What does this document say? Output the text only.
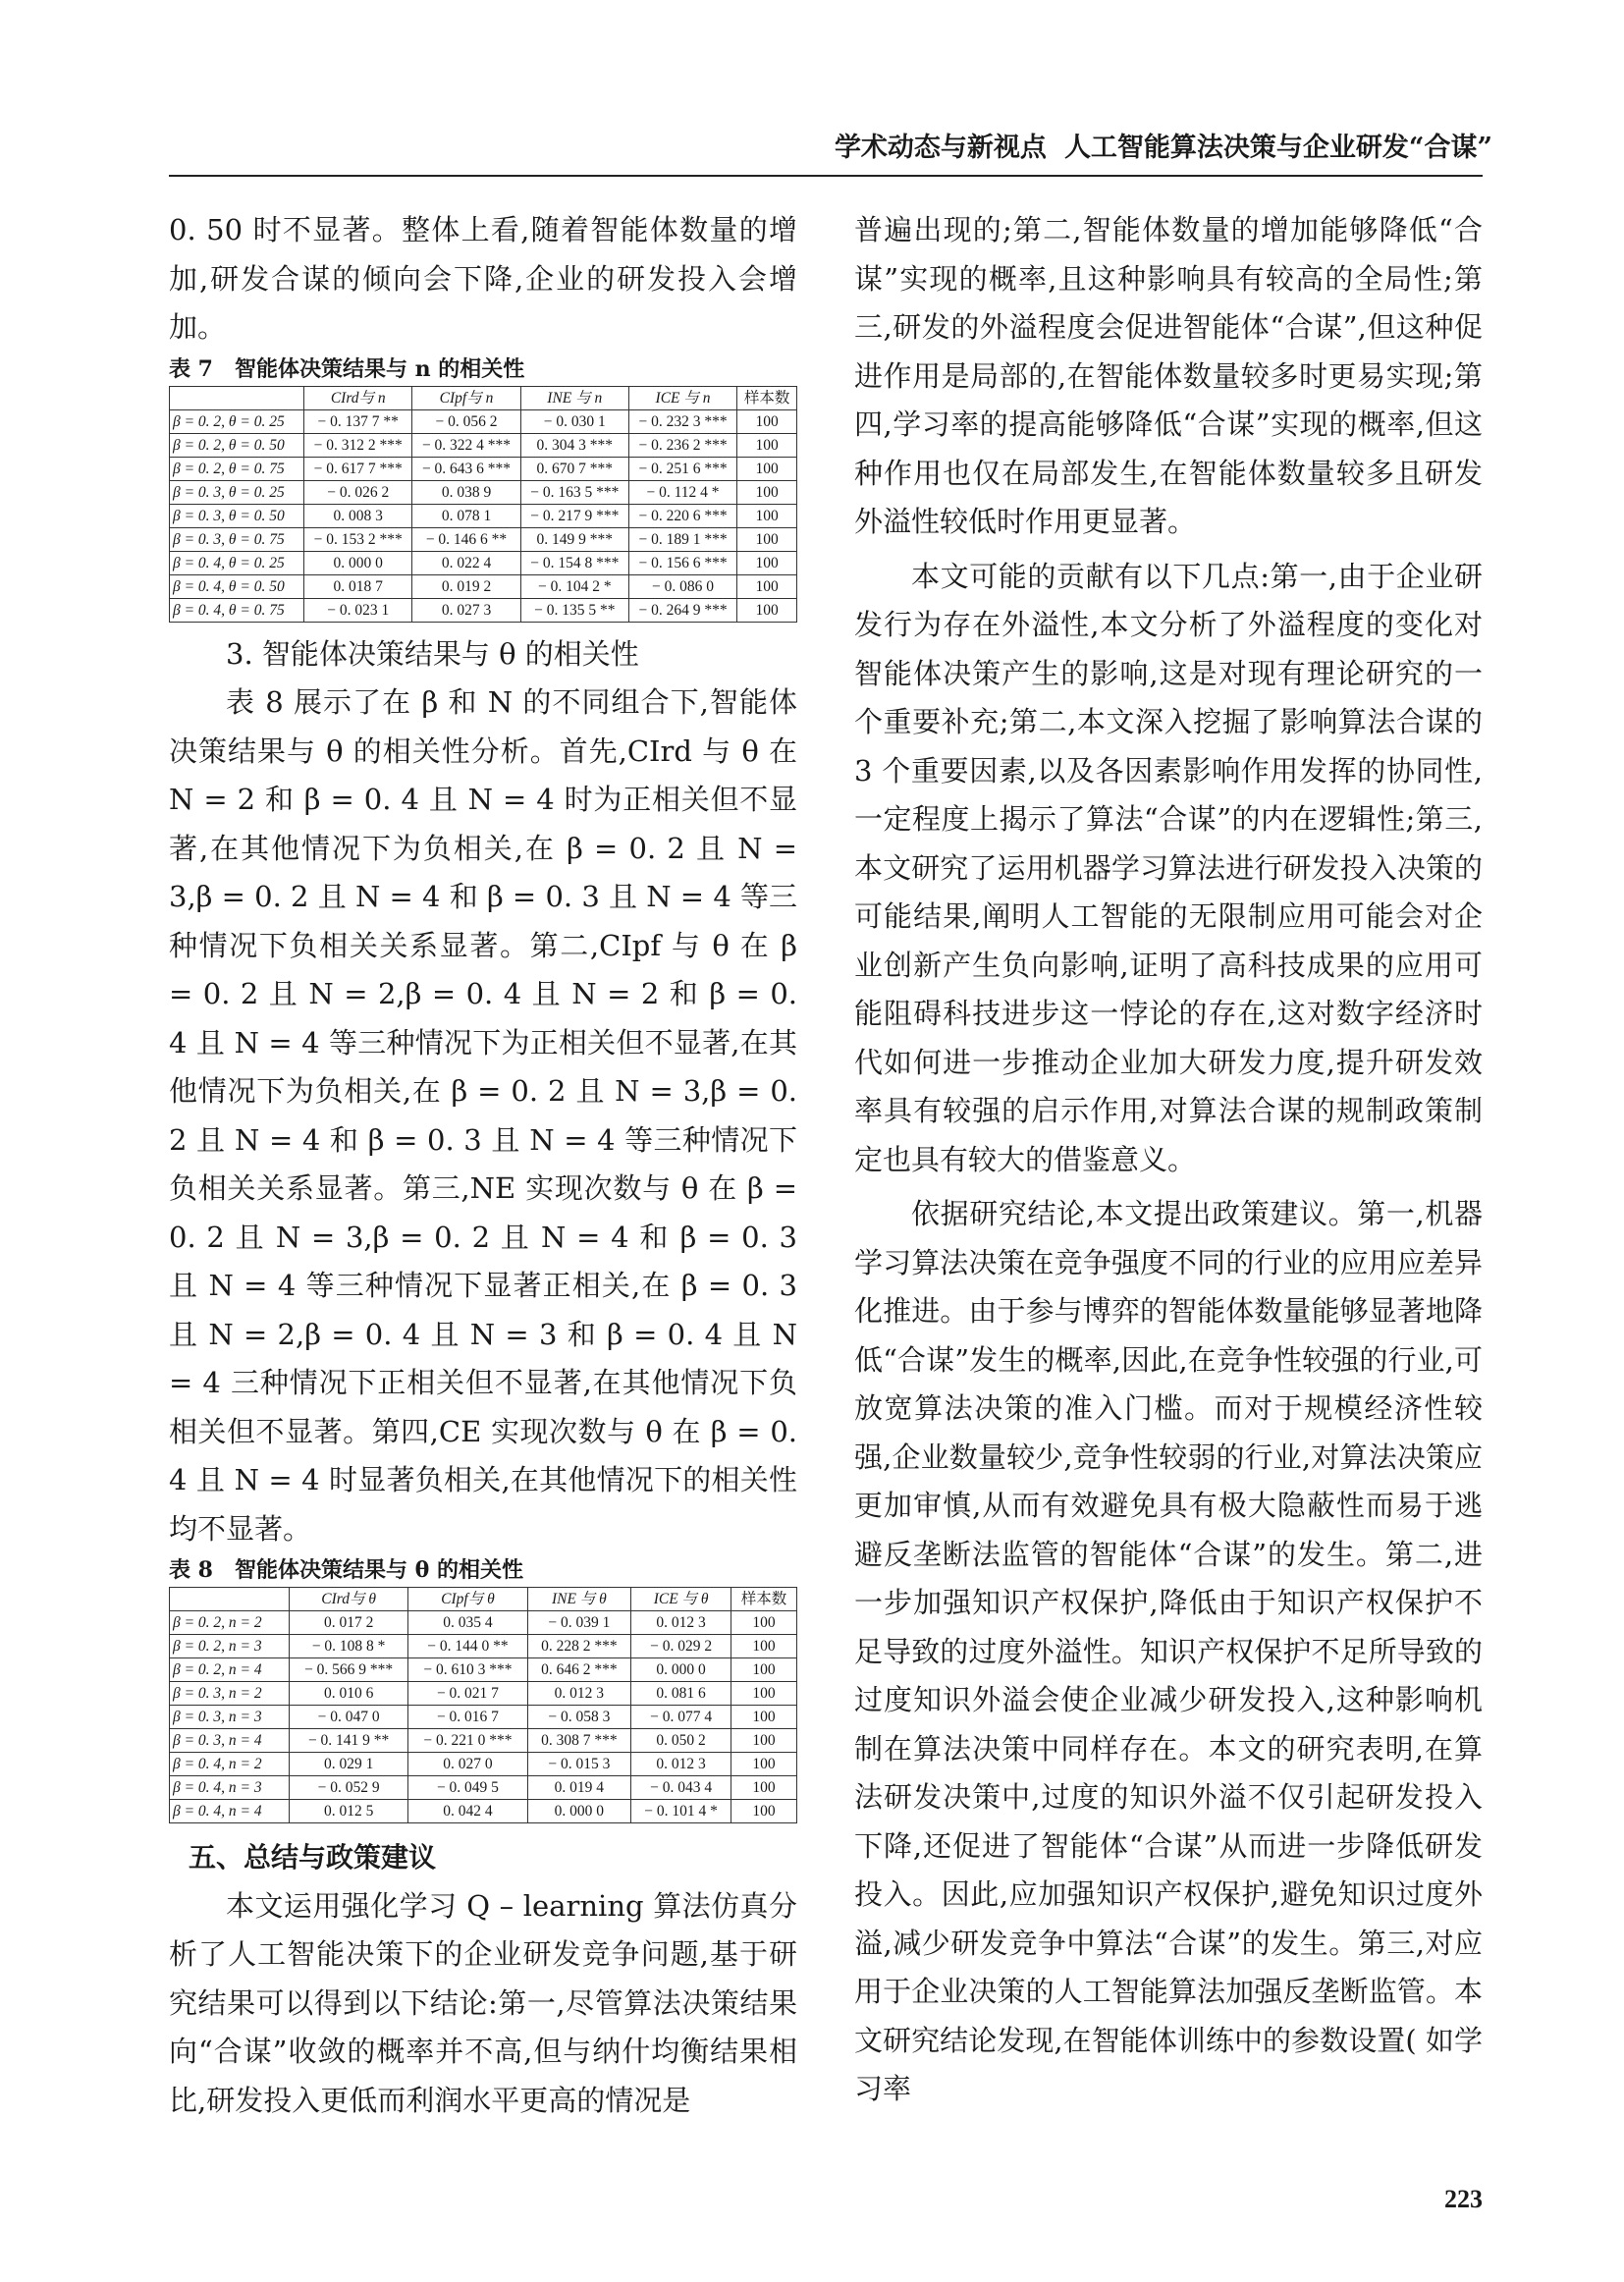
学术动态与新视点 人工智能算法决策与企业研发“合谋”

0. 50 时不显著。整体上看,随着智能体数量的增加,研发合谋的倾向会下降,企业的研发投入会增加。

表 7　智能体决策结果与 n 的相关性

	CIrd与 n	CIpf与 n	INE 与 n	ICE 与 n	样本数
β = 0. 2, θ = 0. 25	− 0. 137 7 **	− 0. 056 2	− 0. 030 1	− 0. 232 3 ***	100
β = 0. 2, θ = 0. 50	− 0. 312 2 ***	− 0. 322 4 ***	0. 304 3 ***	− 0. 236 2 ***	100
β = 0. 2, θ = 0. 75	− 0. 617 7 ***	− 0. 643 6 ***	0. 670 7 ***	− 0. 251 6 ***	100
β = 0. 3, θ = 0. 25	− 0. 026 2	0. 038 9	− 0. 163 5 ***	− 0. 112 4 *	100
β = 0. 3, θ = 0. 50	0. 008 3	0. 078 1	− 0. 217 9 ***	− 0. 220 6 ***	100
β = 0. 3, θ = 0. 75	− 0. 153 2 ***	− 0. 146 6 **	0. 149 9 ***	− 0. 189 1 ***	100
β = 0. 4, θ = 0. 25	0. 000 0	0. 022 4	− 0. 154 8 ***	− 0. 156 6 ***	100
β = 0. 4, θ = 0. 50	0. 018 7	0. 019 2	− 0. 104 2 *	− 0. 086 0	100
β = 0. 4, θ = 0. 75	− 0. 023 1	0. 027 3	− 0. 135 5 **	− 0. 264 9 ***	100

3. 智能体决策结果与 θ 的相关性

表 8 展示了在 β 和 N 的不同组合下,智能体决策结果与 θ 的相关性分析。首先,CIrd 与 θ 在 N = 2 和 β = 0. 4 且 N = 4 时为正相关但不显著,在其他情况下为负相关,在 β = 0. 2 且 N = 3,β = 0. 2 且 N = 4 和 β = 0. 3 且 N = 4 等三种情况下负相关关系显著。第二,CIpf 与 θ 在 β = 0. 2 且 N = 2,β = 0. 4 且 N = 2 和 β = 0. 4 且 N = 4 等三种情况下为正相关但不显著,在其他情况下为负相关,在 β = 0. 2 且 N = 3,β = 0. 2 且 N = 4 和 β = 0. 3 且 N = 4 等三种情况下负相关关系显著。第三,NE 实现次数与 θ 在 β = 0. 2 且 N = 3,β = 0. 2 且 N = 4 和 β = 0. 3 且 N = 4 等三种情况下显著正相关,在 β = 0. 3 且 N = 2,β = 0. 4 且 N = 3 和 β = 0. 4 且 N = 4 三种情况下正相关但不显著,在其他情况下负相关但不显著。第四,CE 实现次数与 θ 在 β = 0. 4 且 N = 4 时显著负相关,在其他情况下的相关性均不显著。

表 8　智能体决策结果与 θ 的相关性

	CIrd与 θ	CIpf与 θ	INE 与 θ	ICE 与 θ	样本数
β = 0. 2, n = 2	0. 017 2	0. 035 4	− 0. 039 1	0. 012 3	100
β = 0. 2, n = 3	− 0. 108 8 *	− 0. 144 0 **	0. 228 2 ***	− 0. 029 2	100
β = 0. 2, n = 4	− 0. 566 9 ***	− 0. 610 3 ***	0. 646 2 ***	0. 000 0	100
β = 0. 3, n = 2	0. 010 6	− 0. 021 7	0. 012 3	0. 081 6	100
β = 0. 3, n = 3	− 0. 047 0	− 0. 016 7	− 0. 058 3	− 0. 077 4	100
β = 0. 3, n = 4	− 0. 141 9 **	− 0. 221 0 ***	0. 308 7 ***	0. 050 2	100
β = 0. 4, n = 2	0. 029 1	0. 027 0	− 0. 015 3	0. 012 3	100
β = 0. 4, n = 3	− 0. 052 9	− 0. 049 5	0. 019 4	− 0. 043 4	100
β = 0. 4, n = 4	0. 012 5	0. 042 4	0. 000 0	− 0. 101 4 *	100

五、总结与政策建议

本文运用强化学习 Q – learning 算法仿真分析了人工智能决策下的企业研发竞争问题,基于研究结果可以得到以下结论:第一,尽管算法决策结果向“合谋”收敛的概率并不高,但与纳什均衡结果相比,研发投入更低而利润水平更高的情况是

普遍出现的;第二,智能体数量的增加能够降低“合谋”实现的概率,且这种影响具有较高的全局性;第三,研发的外溢程度会促进智能体“合谋”,但这种促进作用是局部的,在智能体数量较多时更易实现;第四,学习率的提高能够降低“合谋”实现的概率,但这种作用也仅在局部发生,在智能体数量较多且研发外溢性较低时作用更显著。

本文可能的贡献有以下几点:第一,由于企业研发行为存在外溢性,本文分析了外溢程度的变化对智能体决策产生的影响,这是对现有理论研究的一个重要补充;第二,本文深入挖掘了影响算法合谋的 3 个重要因素,以及各因素影响作用发挥的协同性,一定程度上揭示了算法“合谋”的内在逻辑性;第三,本文研究了运用机器学习算法进行研发投入决策的可能结果,阐明人工智能的无限制应用可能会对企业创新产生负向影响,证明了高科技成果的应用可能阻碍科技进步这一悖论的存在,这对数字经济时代如何进一步推动企业加大研发力度,提升研发效率具有较强的启示作用,对算法合谋的规制政策制定也具有较大的借鉴意义。

依据研究结论,本文提出政策建议。第一,机器学习算法决策在竞争强度不同的行业的应用应差异化推进。由于参与博弈的智能体数量能够显著地降低“合谋”发生的概率,因此,在竞争性较强的行业,可放宽算法决策的准入门槛。而对于规模经济性较强,企业数量较少,竞争性较弱的行业,对算法决策应更加审慎,从而有效避免具有极大隐蔽性而易于逃避反垄断法监管的智能体“合谋”的发生。第二,进一步加强知识产权保护,降低由于知识产权保护不足导致的过度外溢性。知识产权保护不足所导致的过度知识外溢会使企业减少研发投入,这种影响机制在算法决策中同样存在。本文的研究表明,在算法研发决策中,过度的知识外溢不仅引起研发投入下降,还促进了智能体“合谋”从而进一步降低研发投入。因此,应加强知识产权保护,避免知识过度外溢,减少研发竞争中算法“合谋”的发生。第三,对应用于企业决策的人工智能算法加强反垄断监管。本文研究结论发现,在智能体训练中的参数设置( 如学习率

223
